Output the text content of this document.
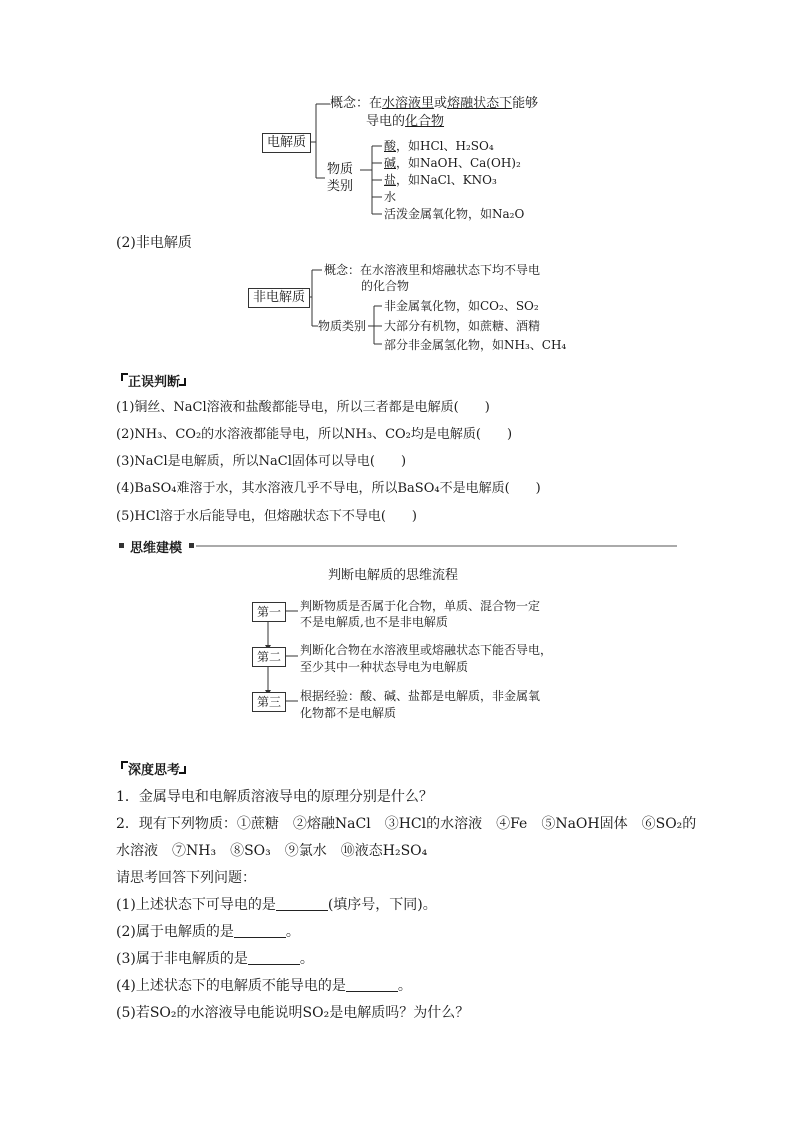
电解质
概念：在水溶液里或熔融状态下能够
导电的化合物
物质
类别
酸，如HCl、H₂SO₄
碱，如NaOH、Ca(OH)₂
盐，如NaCl、KNO₃
水
活泼金属氧化物，如Na₂O
(2)非电解质
非电解质
概念：在水溶液里和熔融状态下均不导电
的化合物
物质类别
非金属氧化物，如CO₂、SO₂
大部分有机物，如蔗糖、酒精
部分非金属氢化物，如NH₃、CH₄
正误判断
(1)铜丝、NaCl溶液和盐酸都能导电，所以三者都是电解质(　　)
(2)NH₃、CO₂的水溶液都能导电，所以NH₃、CO₂均是电解质(　　)
(3)NaCl是电解质，所以NaCl固体可以导电(　　)
(4)BaSO₄难溶于水，其水溶液几乎不导电，所以BaSO₄不是电解质(　　)
(5)HCl溶于水后能导电，但熔融状态下不导电(　　)
思维建模
判断电解质的思维流程
第一	判断物质是否属于化合物，单质、混合物一定
不是电解质,也不是非电解质
第二	判断化合物在水溶液里或熔融状态下能否导电，
至少其中一种状态导电为电解质
第三	根据经验：酸、碱、盐都是电解质，非金属氧
化物都不是电解质
深度思考
1．金属导电和电解质溶液导电的原理分别是什么？
2．现有下列物质：①蔗糖　②熔融NaCl　③HCl的水溶液　④Fe　⑤NaOH固体　⑥SO₂的
水溶液　⑦NH₃　⑧SO₃　⑨氯水　⑩液态H₂SO₄
请思考回答下列问题：
(1)上述状态下可导电的是	(填序号，下同)。
(2)属于电解质的是	。
(3)属于非电解质的是	。
(4)上述状态下的电解质不能导电的是	。
(5)若SO₂的水溶液导电能说明SO₂是电解质吗？为什么？
